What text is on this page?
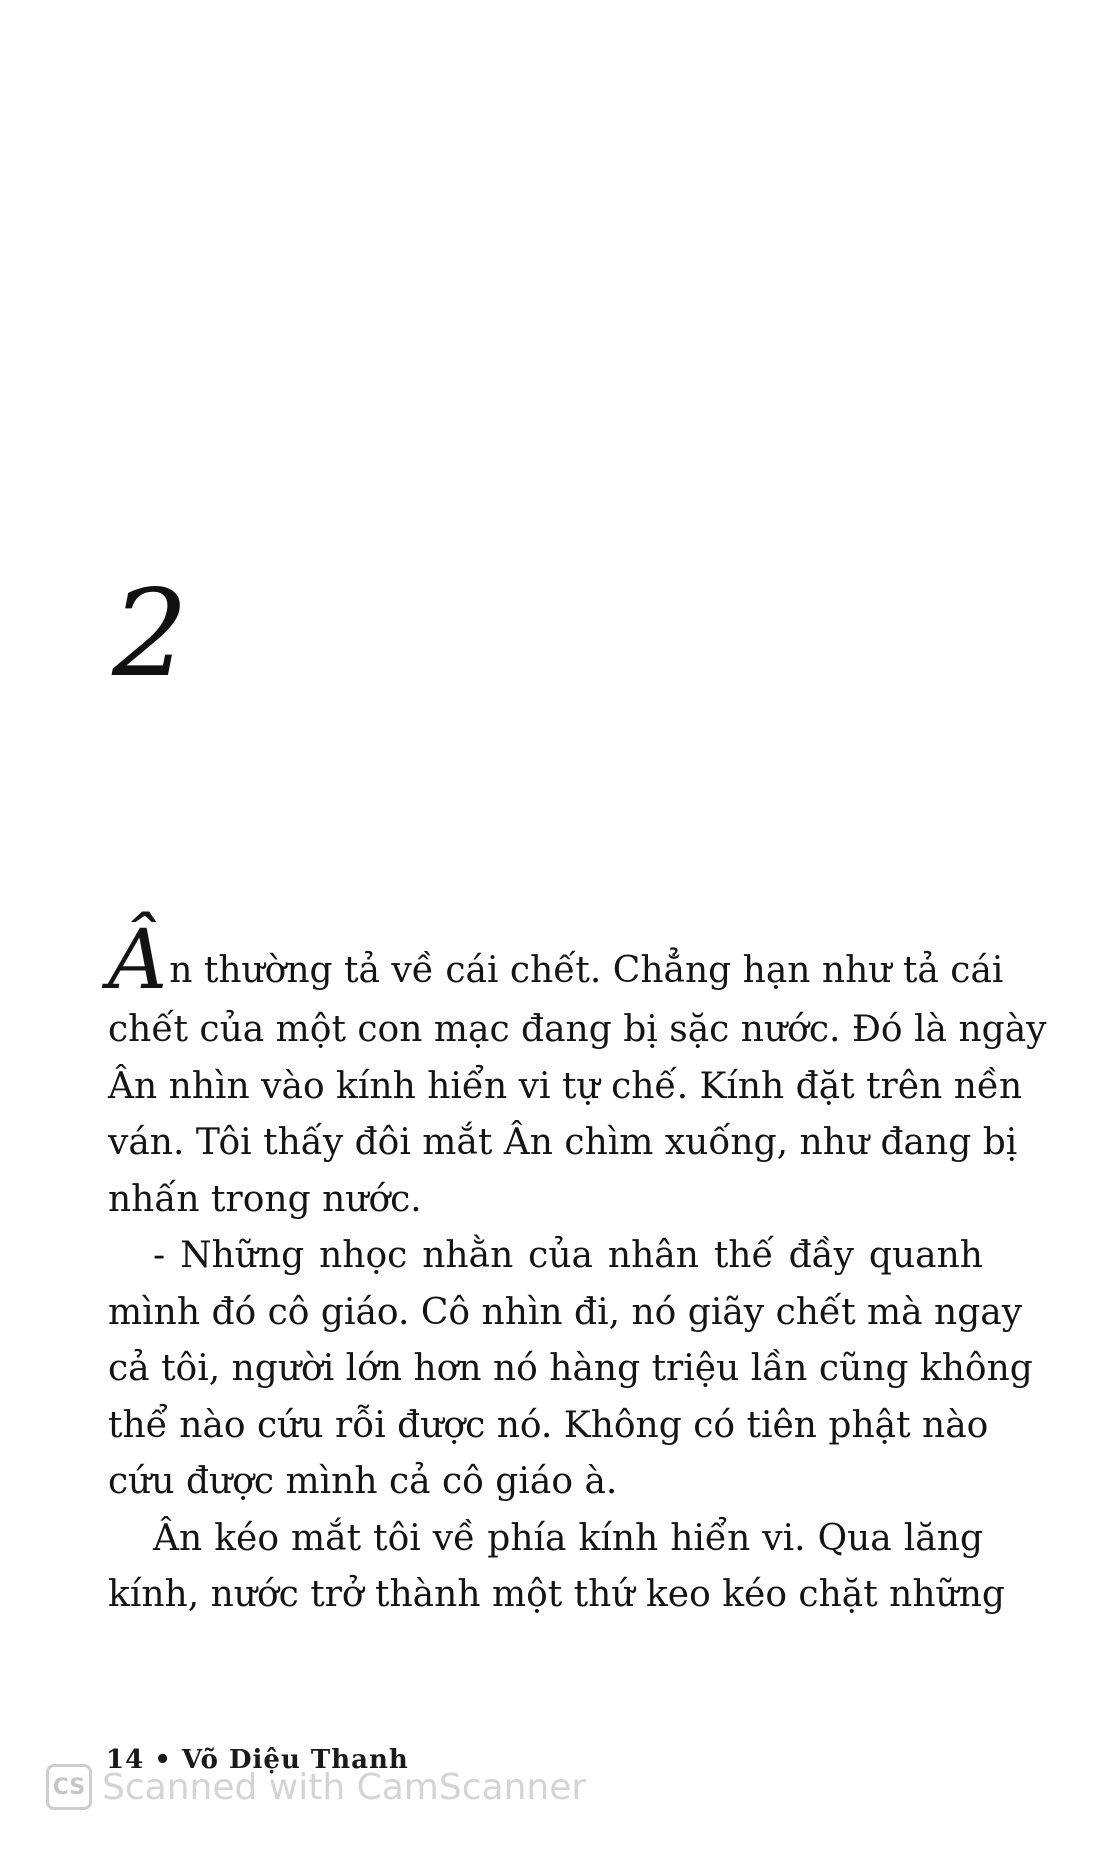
2
Ân thường tả về cái chết. Chẳng hạn như tả cái
chết của một con mạc đang bị sặc nước. Đó là ngày
Ân nhìn vào kính hiển vi tự chế. Kính đặt trên nền
ván. Tôi thấy đôi mắt Ân chìm xuống, như đang bị
nhấn trong nước.
- Những nhọc nhằn của nhân thế đầy quanh
mình đó cô giáo. Cô nhìn đi, nó giãy chết mà ngay
cả tôi, người lớn hơn nó hàng triệu lần cũng không
thể nào cứu rỗi được nó. Không có tiên phật nào
cứu được mình cả cô giáo à.
Ân kéo mắt tôi về phía kính hiển vi. Qua lăng
kính, nước trở thành một thứ keo kéo chặt những
14 • Võ Diệu Thanh
CS Scanned with CamScanner
